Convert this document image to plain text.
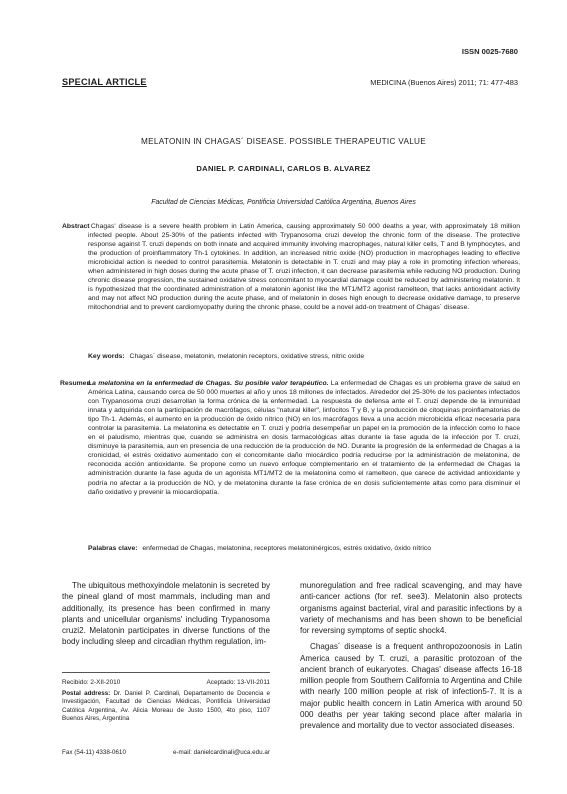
ISSN 0025-7680
SPECIAL ARTICLE	MEDICINA (Buenos Aires) 2011; 71: 477-483
MELATONIN IN CHAGAS´ DISEASE. POSSIBLE THERAPEUTIC VALUE
DANIEL P. CARDINALI, CARLOS B. ALVAREZ
Facultad de Ciencias Médicas, Pontificia Universidad Católica Argentina, Buenos Aires
Abstract Chagas' disease is a severe health problem in Latin America, causing approximately 50 000 deaths a year, with approximately 18 million infected people. About 25-30% of the patients infected with Trypanosoma cruzi develop the chronic form of the disease. The protective response against T. cruzi depends on both innate and acquired immunity involving macrophages, natural killer cells, T and B lymphocytes, and the production of proinflammatory Th-1 cytokines. In addition, an increased nitric oxide (NO) production in macrophages leading to effective microbicidal action is needed to control parasitemia. Melatonin is detectable in T. cruzi and may play a role in promoting infection whereas, when administered in high doses during the acute phase of T. cruzi infection, it can decrease parasitemia while reducing NO production. During chronic disease progression, the sustained oxidative stress concomitant to myocardial damage could be reduced by administering melatonin. It is hypothesized that the coordinated administration of a melatonin agonist like the MT1/MT2 agonist ramelteon, that lacks antioxidant activity and may not affect NO production during the acute phase, and of melatonin in doses high enough to decrease oxidative damage, to preserve mitochondrial and to prevent cardiomyopathy during the chronic phase, could be a novel add-on treatment of Chagas´ disease.
Key words: Chagas´ disease, melatonin, melatonin receptors, oxidative stress, nitric oxide
Resumen
La melatonina en la enfermedad de Chagas. Su posible valor terapéutico. La enfermedad de Chagas es un problema grave de salud en América Latina, causando cerca de 50 000 muertes al año y unos 18 millones de infectados. Alrededor del 25-30% de los pacientes infectados con Trypanosoma cruzi desarrollan la forma crónica de la enfermedad. La respuesta de defensa ante el T. cruzi depende de la inmunidad innata y adquirida con la participación de macrófagos, células "natural killer", linfocitos T y B, y la producción de citoquinas proinflamatorias de tipo Th-1. Además, el aumento en la producción de óxido nítrico (NO) en los macrófagos lleva a una acción microbicida eficaz necesaria para controlar la parasitemia. La melatonina es detectable en T. cruzi y podría desempeñar un papel en la promoción de la infección como lo hace en el paludismo, mientras que, cuando se administra en dosis farmacológicas altas durante la fase aguda de la infección por T. cruzi, disminuye la parasitemia, aun en presencia de una reducción de la producción de NO. Durante la progresión de la enfermedad de Chagas a la cronicidad, el estrés oxidativo aumentado con el concomitante daño miocárdico podría reducirse por la administración de melatonina, de reconocida acción antioxidante. Se propone como un nuevo enfoque complementario en el tratamiento de la enfermedad de Chagas la administración durante la fase aguda de un agonista MT1/MT2 de la melatonina como el ramelteon, que carece de actividad antioxidante y podría no afectar a la producción de NO, y de melatonina durante la fase crónica de en dosis suficientemente altas como para disminuir el daño oxidativo y prevenir la miocardiopatía.
Palabras clave: enfermedad de Chagas, melatonina, receptores melatoninérgicos, estrés oxidativo, óxido nítrico

The ubiquitous methoxyindole melatonin is secreted by the pineal gland of most mammals, including man and additionally, its presence has been confirmed in many plants and unicellular organisms' including Trypanosoma cruzi2. Melatonin participates in diverse functions of the body including sleep and circadian rhythm regulation, im-

munoregulation and free radical scavenging, and may have anti-cancer actions (for ref. see3). Melatonin also protects organisms against bacterial, viral and parasitic infections by a variety of mechanisms and has been shown to be beneficial for reversing symptoms of septic shock4.

Chagas´ disease is a frequent anthropozoonosis in Latin America caused by T. cruzi, a parasitic protozoan of the ancient branch of eukaryotes. Chagas' disease affects 16-18 million people from Southern California to Argentina and Chile with nearly 100 million people at risk of infection5-7. It is a major public health concern in Latin America with around 50 000 deaths per year taking second place after malaria in prevalence and mortality due to vector associated diseases.

Recibido: 2-XII-2010	Aceptado: 13-VII-2011
Postal address: Dr. Daniel P. Cardinali, Departamento de Docencia e Investigación, Facultad de Ciencias Médicas, Pontificia Universidad Católica Argentina, Av. Alicia Moreau de Justo 1500, 4to piso, 1107 Buenos Aires, Argentina
Fax (54-11) 4338-0610	e-mail: danielcardinali@uca.edu.ar
